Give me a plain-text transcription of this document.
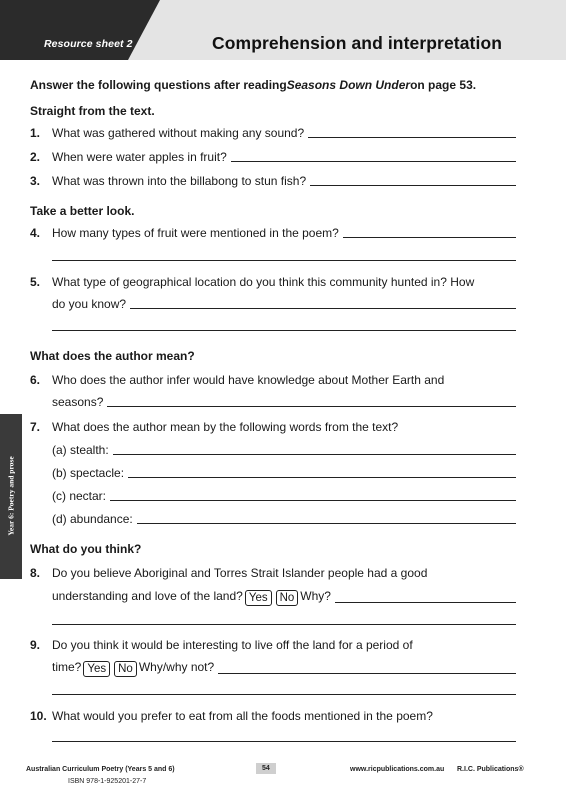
Resource sheet 2	Comprehension and interpretation
Answer the following questions after reading Seasons Down Under on page 53.
Straight from the text.
1. What was gathered without making any sound?
2. When were water apples in fruit?
3. What was thrown into the billabong to stun fish?
Take a better look.
4. How many types of fruit were mentioned in the poem?
5. What type of geographical location do you think this community hunted in? How
do you know?
What does the author mean?
6. Who does the author infer would have knowledge about Mother Earth and
seasons?
7. What does the author mean by the following words from the text?
(a) stealth:
(b) spectacle:
(c) nectar:
(d) abundance:
What do you think?
8. Do you believe Aboriginal and Torres Strait Islander people had a good
understanding and love of the land? Yes	No Why?
9. Do you think it would be interesting to live off the land for a period of
time? Yes	No Why/why not?
10. What would you prefer to eat from all the foods mentioned in the poem?
Year 6: Poetry and prose
Australian Curriculum Poetry (Years 5 and 6)
ISBN 978-1-925201-27-7
54	www.ricpublications.com.au R.I.C. Publications®
